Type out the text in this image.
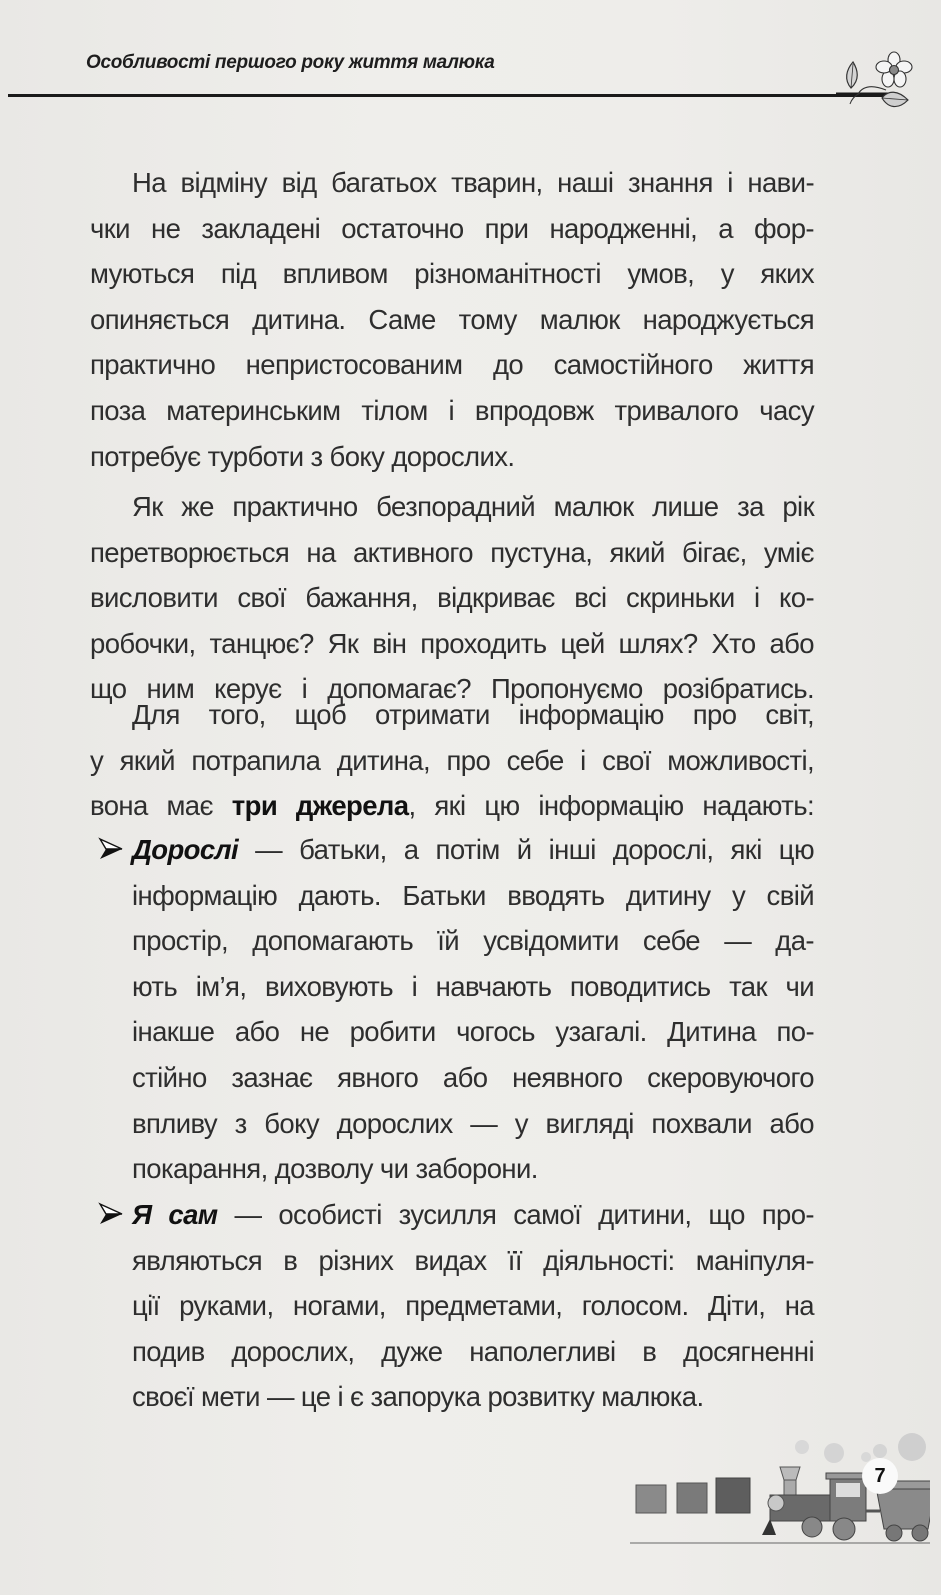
Особливості першого року життя малюка
На відміну від багатьох тварин, наші знання і нави-
чки не закладені остаточно при народженні, а фор-
муються під впливом різноманітності умов, у яких
опиняється дитина. Саме тому малюк народжується
практично непристосованим до самостійного життя
поза материнським тілом і впродовж тривалого часу
потребує турботи з боку дорослих.
Як же практично безпорадний малюк лише за рік
перетворюється на активного пустуна, який бігає, уміє
висловити свої бажання, відкриває всі скриньки і ко-
робочки, танцює? Як він проходить цей шлях? Хто або
що ним керує і допомагає? Пропонуємо розібратись.
Для того, щоб отримати інформацію про світ,
у який потрапила дитина, про себе і свої можливості,
вона має три джерела, які цю інформацію надають:
Дорослі — батьки, а потім й інші дорослі, які цю
інформацію дають. Батьки вводять дитину у свій
простір, допомагають їй усвідомити себе — да-
ють ім’я, виховують і навчають поводитись так чи
інакше або не робити чогось узагалі. Дитина по-
стійно зазнає явного або неявного скеровуючого
впливу з боку дорослих — у вигляді похвали або
покарання, дозволу чи заборони.
Я сам — особисті зусилля самої дитини, що про-
являються в різних видах її діяльності: маніпуля-
ції руками, ногами, предметами, голосом. Діти, на
подив дорослих, дуже наполегливі в досягненні
своєї мети — це і є запорука розвитку малюка.
7
